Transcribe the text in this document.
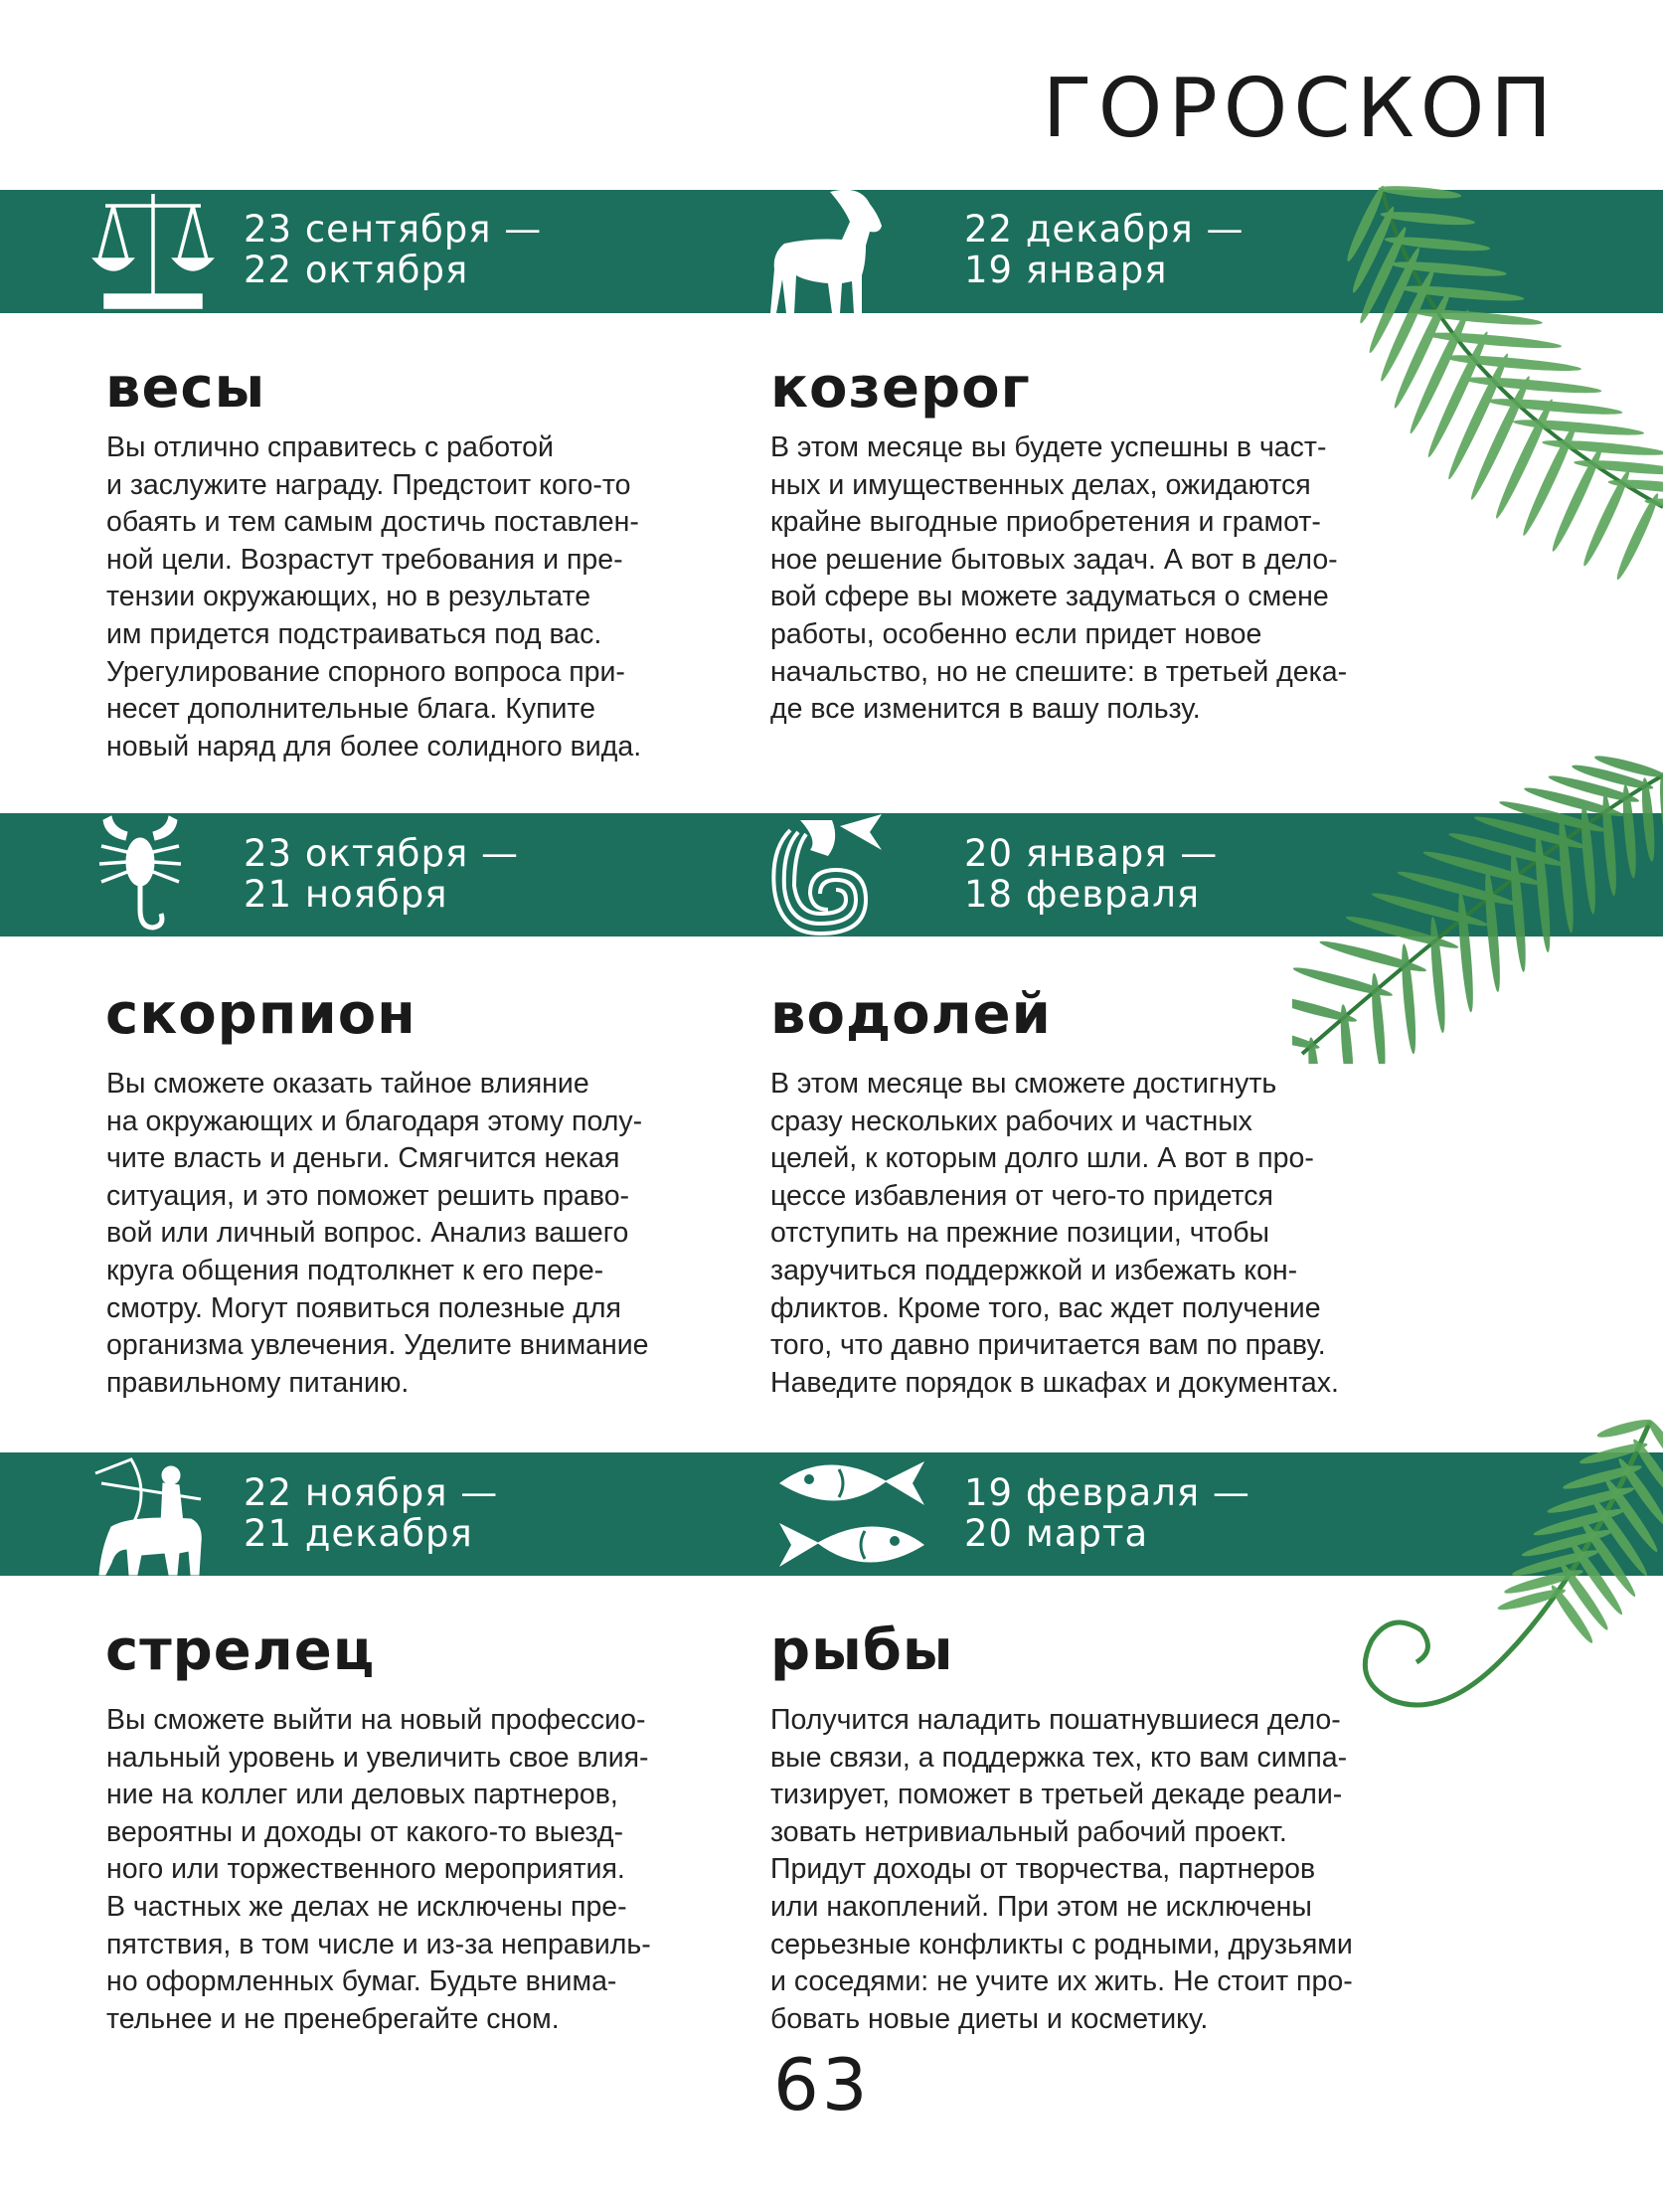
ГОРОСКОП
23 сентября —
22 октября
22 декабря —
19 января
23 октября —
21 ноября
20 января —
18 февраля
22 ноября —
21 декабря
19 февраля —
20 марта
весы	козерог
скорпион	водолей
стрелец	рыбы
Вы отлично справитесь с работой
и заслужите награду. Предстоит кого-то
обаять и тем самым достичь поставлен-
ной цели. Возрастут требования и пре-
тензии окружающих, но в результате
им придется подстраиваться под вас.
Урегулирование спорного вопроса при-
несет дополнительные блага. Купите
новый наряд для более солидного вида.
В этом месяце вы будете успешны в част-
ных и имущественных делах, ожидаются
крайне выгодные приобретения и грамот-
ное решение бытовых задач. А вот в дело-
вой сфере вы можете задуматься о смене
работы, особенно если придет новое
начальство, но не спешите: в третьей дека-
де все изменится в вашу пользу.
Вы сможете оказать тайное влияние
на окружающих и благодаря этому полу-
чите власть и деньги. Смягчится некая
ситуация, и это поможет решить право-
вой или личный вопрос. Анализ вашего
круга общения подтолкнет к его пере-
смотру. Могут появиться полезные для
организма увлечения. Уделите внимание
правильному питанию.
В этом месяце вы сможете достигнуть
сразу нескольких рабочих и частных
целей, к которым долго шли. А вот в про-
цессе избавления от чего-то придется
отступить на прежние позиции, чтобы
заручиться поддержкой и избежать кон-
фликтов. Кроме того, вас ждет получение
того, что давно причитается вам по праву.
Наведите порядок в шкафах и документах.
Вы сможете выйти на новый профессио-
нальный уровень и увеличить свое влия-
ние на коллег или деловых партнеров,
вероятны и доходы от какого-то выезд-
ного или торжественного мероприятия.
В частных же делах не исключены пре-
пятствия, в том числе и из-за неправиль-
но оформленных бумаг. Будьте внима-
тельнее и не пренебрегайте сном.
Получится наладить пошатнувшиеся дело-
вые связи, а поддержка тех, кто вам симпа-
тизирует, поможет в третьей декаде реали-
зовать нетривиальный рабочий проект.
Придут доходы от творчества, партнеров
или накоплений. При этом не исключены
серьезные конфликты с родными, друзьями
и соседями: не учите их жить. Не стоит про-
бовать новые диеты и косметику.
63
